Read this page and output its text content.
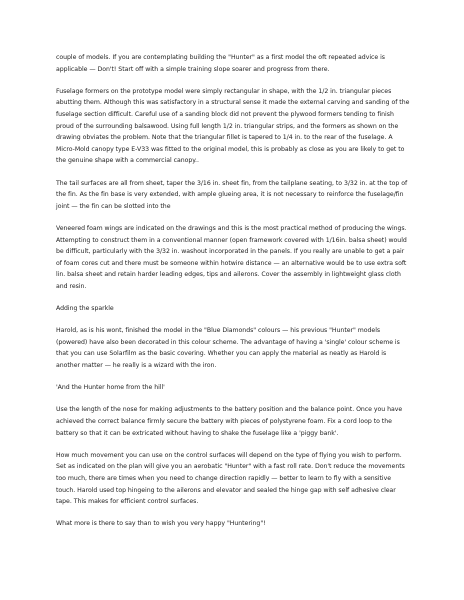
couple of models. If you are contemplating building the "Hunter" as a first model the oft repeated advice is applicable — Don't! Start off with a simple training slope soarer and progress from there.

Fuselage formers on the prototype model were simply rectangular in shape, with the 1/2 in. triangular pieces abutting them. Although this was satisfactory in a structural sense it made the external carving and sanding of the fuselage section difficult. Careful use of a sanding block did not prevent the plywood formers tending to finish proud of the surrounding balsawood. Using full length 1/2 in. triangular strips, and the formers as shown on the drawing obviates the problem. Note that the triangular fillet is tapered to 1/4 in. to the rear of the fuselage. A Micro-Mold canopy type E-V33 was fitted to the original model, this is probably as close as you are likely to get to the genuine shape with a commercial canopy..

The tail surfaces are all from sheet, taper the 3/16 in. sheet fin, from the tailplane seating, to 3/32 in. at the top of the fin. As the fin base is very extended, with ample glueing area, it is not necessary to reinforce the fuselage/fin joint — the fin can be slotted into the

Veneered foam wings are indicated on the drawings and this is the most practical method of producing the wings. Attempting to construct them in a conventional manner (open framework covered with 1/16in. balsa sheet) would be difficult, particularly with the 3/32 in. washout incorporated in the panels. If you really are unable to get a pair of foam cores cut and there must be someone within hotwire distance — an alternative would be to use extra soft lin. balsa sheet and retain harder leading edges, tips and ailerons. Cover the assembly in lightweight glass cloth and resin.

Adding the sparkle

Harold, as is his wont, finished the model in the "Blue Diamonds" colours — his previous "Hunter" models (powered) have also been decorated in this colour scheme. The advantage of having a 'single' colour scheme is that you can use Solarfilm as the basic covering. Whether you can apply the material as neatly as Harold is another matter — he really is a wizard with the iron.

'And the Hunter home from the hill'

Use the length of the nose for making adjustments to the battery position and the balance point. Once you have achieved the correct balance firmly secure the battery with pieces of polystyrene foam. Fix a cord loop to the battery so that it can be extricated without having to shake the fuselage like a 'piggy bank'.

How much movement you can use on the control surfaces will depend on the type of flying you wish to perform. Set as indicated on the plan will give you an aerobatic "Hunter" with a fast roll rate. Don't reduce the movements too much, there are times when you need to change direction rapidly — better to learn to fly with a sensitive touch. Harold used top hingeing to the ailerons and elevator and sealed the hinge gap with self adhesive clear tape. This makes for efficient control surfaces.

What more is there to say than to wish you very happy "Huntering"!
